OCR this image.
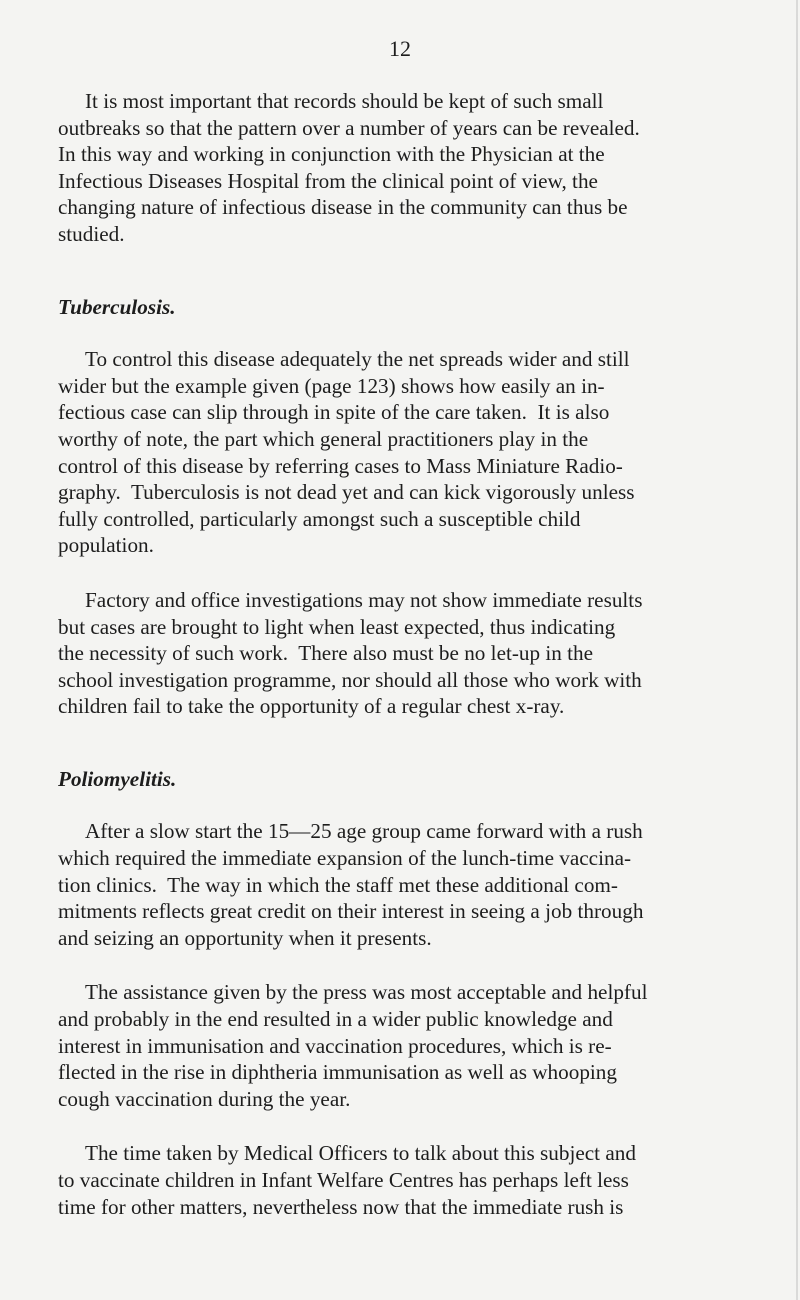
12

It is most important that records should be kept of such small
outbreaks so that the pattern over a number of years can be revealed.
In this way and working in conjunction with the Physician at the
Infectious Diseases Hospital from the clinical point of view, the
changing nature of infectious disease in the community can thus be
studied.

Tuberculosis.

To control this disease adequately the net spreads wider and still
wider but the example given (page 123) shows how easily an in-
fectious case can slip through in spite of the care taken.  It is also
worthy of note, the part which general practitioners play in the
control of this disease by referring cases to Mass Miniature Radio-
graphy.  Tuberculosis is not dead yet and can kick vigorously unless
fully controlled, particularly amongst such a susceptible child
population.

Factory and office investigations may not show immediate results
but cases are brought to light when least expected, thus indicating
the necessity of such work.  There also must be no let-up in the
school investigation programme, nor should all those who work with
children fail to take the opportunity of a regular chest x-ray.

Poliomyelitis.

After a slow start the 15—25 age group came forward with a rush
which required the immediate expansion of the lunch-time vaccina-
tion clinics.  The way in which the staff met these additional com-
mitments reflects great credit on their interest in seeing a job through
and seizing an opportunity when it presents.

The assistance given by the press was most acceptable and helpful
and probably in the end resulted in a wider public knowledge and
interest in immunisation and vaccination procedures, which is re-
flected in the rise in diphtheria immunisation as well as whooping
cough vaccination during the year.

The time taken by Medical Officers to talk about this subject and
to vaccinate children in Infant Welfare Centres has perhaps left less
time for other matters, nevertheless now that the immediate rush is
